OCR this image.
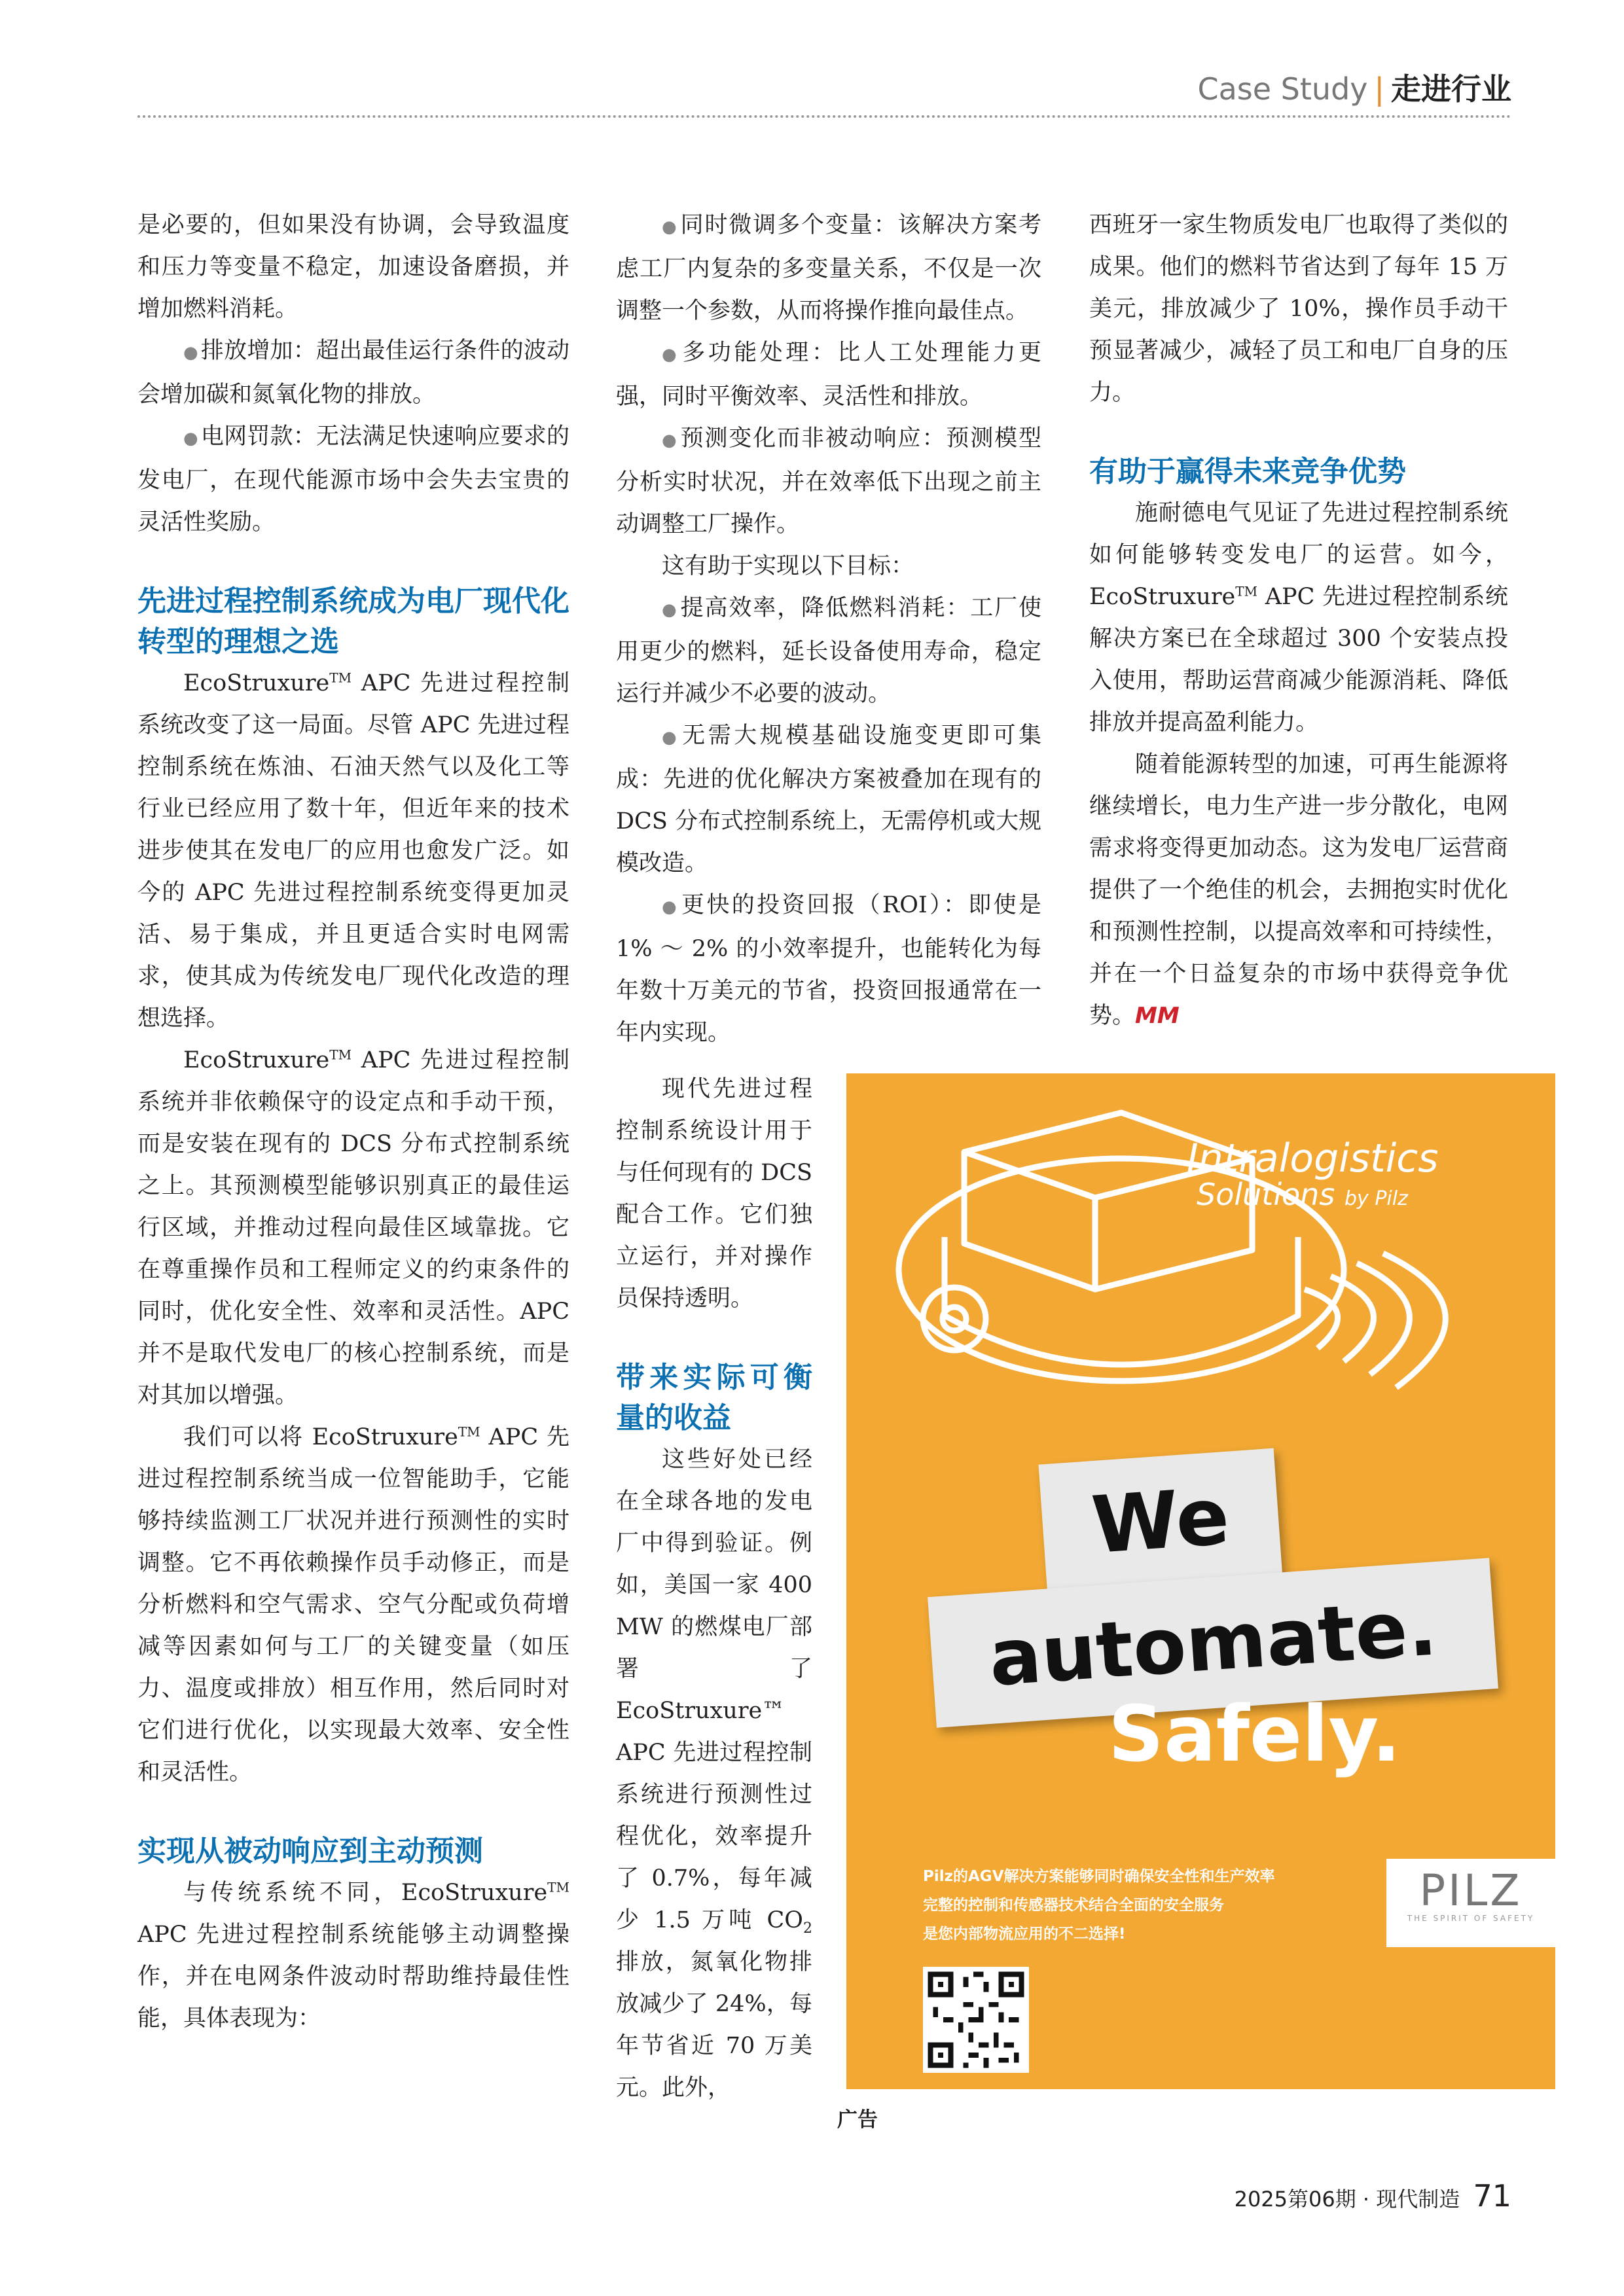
Case Study | 走进行业

是必要的，但如果没有协调，会导致温度和压力等变量不稳定，加速设备磨损，并增加燃料消耗。

● 排放增加：超出最佳运行条件的波动会增加碳和氮氧化物的排放。

● 电网罚款：无法满足快速响应要求的发电厂，在现代能源市场中会失去宝贵的灵活性奖励。

先进过程控制系统成为电厂现代化转型的理想之选

EcoStruxure™ APC 先进过程控制系统改变了这一局面。尽管 APC 先进过程控制系统在炼油、石油天然气以及化工等行业已经应用了数十年，但近年来的技术进步使其在发电厂的应用也愈发广泛。如今的 APC 先进过程控制系统变得更加灵活、易于集成，并且更适合实时电网需求，使其成为传统发电厂现代化改造的理想选择。

EcoStruxure™ APC 先进过程控制系统并非依赖保守的设定点和手动干预，而是安装在现有的 DCS 分布式控制系统之上。其预测模型能够识别真正的最佳运行区域，并推动过程向最佳区域靠拢。它在尊重操作员和工程师定义的约束条件的同时，优化安全性、效率和灵活性。APC 并不是取代发电厂的核心控制系统，而是对其加以增强。

我们可以将 EcoStruxure™ APC 先进过程控制系统当成一位智能助手，它能够持续监测工厂状况并进行预测性的实时调整。它不再依赖操作员手动修正，而是分析燃料和空气需求、空气分配或负荷增减等因素如何与工厂的关键变量（如压力、温度或排放）相互作用，然后同时对它们进行优化，以实现最大效率、安全性和灵活性。

实现从被动响应到主动预测

与传统系统不同，EcoStruxure™ APC 先进过程控制系统能够主动调整操作，并在电网条件波动时帮助维持最佳性能，具体表现为：

● 同时微调多个变量：该解决方案考虑工厂内复杂的多变量关系，不仅是一次调整一个参数，从而将操作推向最佳点。

● 多功能处理：比人工处理能力更强，同时平衡效率、灵活性和排放。

● 预测变化而非被动响应：预测模型分析实时状况，并在效率低下出现之前主动调整工厂操作。

这有助于实现以下目标：

● 提高效率，降低燃料消耗：工厂使用更少的燃料，延长设备使用寿命，稳定运行并减少不必要的波动。

● 无需大规模基础设施变更即可集成：先进的优化解决方案被叠加在现有的 DCS 分布式控制系统上，无需停机或大规模改造。

● 更快的投资回报（ROI）：即使是 1% ～ 2% 的小效率提升，也能转化为每年数十万美元的节省，投资回报通常在一年内实现。

现代先进过程控制系统设计用于与任何现有的 DCS 配合工作。它们独立运行，并对操作员保持透明。

带来实际可衡量的收益

这些好处已经在全球各地的发电厂中得到验证。例如，美国一家 400 MW 的燃煤电厂部署了 EcoStruxure™ APC 先进过程控制系统进行预测性过程优化，效率提升了 0.7%，每年减少 1.5 万吨 $CO_2$ 排放，氮氧化物排放减少了 24%，每年节省近 70 万美元。此外，

西班牙一家生物质发电厂也取得了类似的成果。他们的燃料节省达到了每年 15 万美元，排放减少了 10%，操作员手动干预显著减少，减轻了员工和电厂自身的压力。

有助于赢得未来竞争优势

施耐德电气见证了先进过程控制系统如何能够转变发电厂的运营。如今，EcoStruxure™ APC 先进过程控制系统解决方案已在全球超过 300 个安装点投入使用，帮助运营商减少能源消耗、降低排放并提高盈利能力。

随着能源转型的加速，可再生能源将继续增长，电力生产进一步分散化，电网需求将变得更加动态。这为发电厂运营商提供了一个绝佳的机会，去拥抱实时优化和预测性控制，以提高效率和可持续性，并在一个日益复杂的市场中获得竞争优势。MM

Intralogistics
Solutions by Pilz
We
automate.
Safely.
Pilz的AGV解决方案能够同时确保安全性和生产效率
完整的控制和传感器技术结合全面的安全服务
是您内部物流应用的不二选择!
PILZ
THE SPIRIT OF SAFETY
广告
2025第06期 · 现代制造 71
